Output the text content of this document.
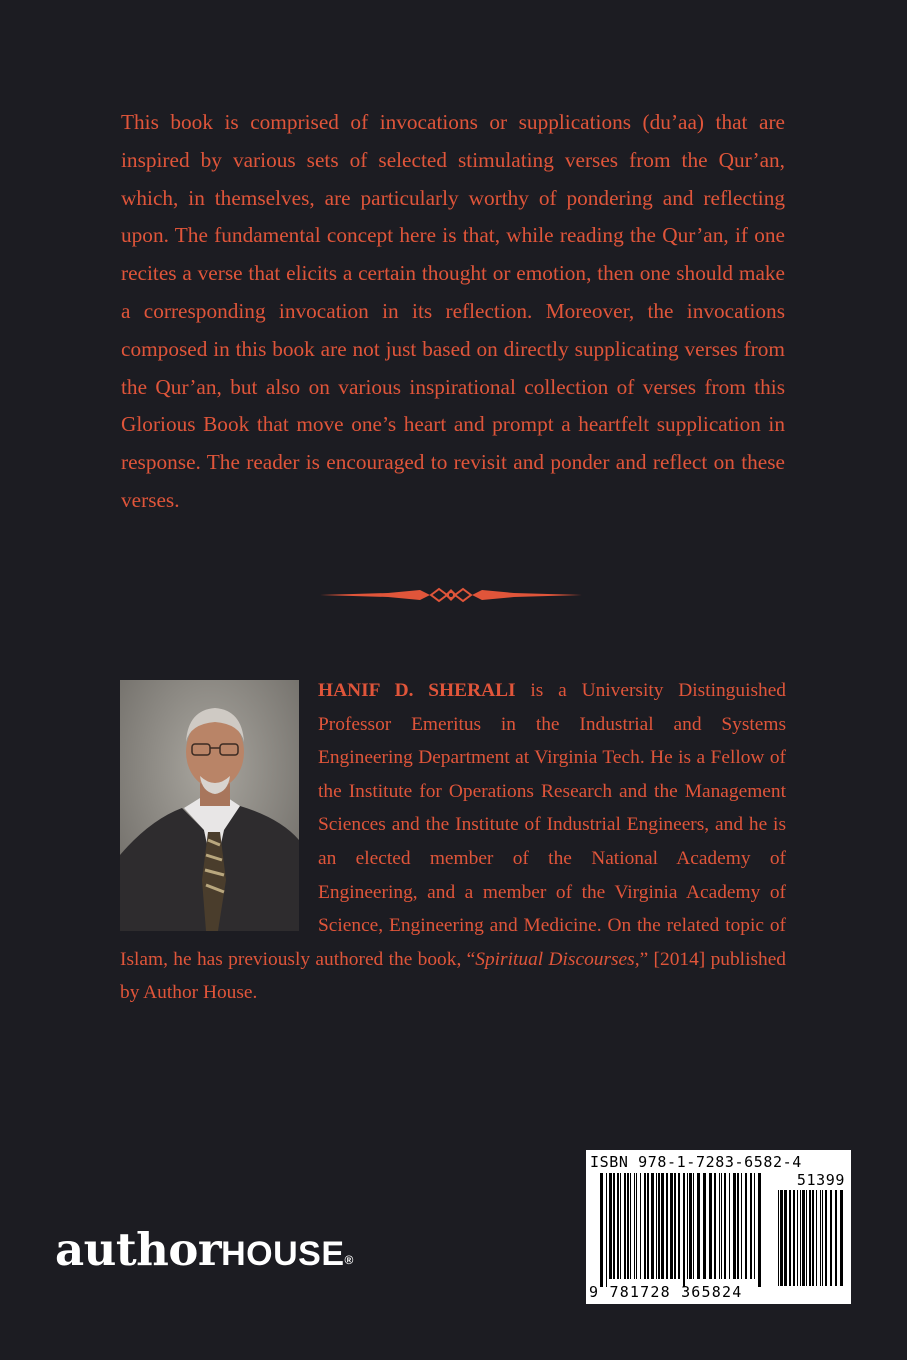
This book is comprised of invocations or supplications (du’aa) that are inspired by various sets of selected stimulating verses from the Qur’an, which, in themselves, are particularly worthy of pondering and reflecting upon. The fundamental concept here is that, while reading the Qur’an, if one recites a verse that elicits a certain thought or emotion, then one should make a corresponding invocation in its reflection. Moreover, the invocations composed in this book are not just based on directly supplicating verses from the Qur’an, but also on various inspirational collection of verses from this Glorious Book that move one’s heart and prompt a heartfelt supplication in response. The reader is encouraged to revisit and ponder and reflect on these verses.

HANIF D. SHERALI is a University Distinguished Professor Emeritus in the Industrial and Systems Engineering Department at Virginia Tech. He is a Fellow of the Institute for Operations Research and the Management Sciences and the Institute of Industrial Engineers, and he is an elected member of the National Academy of Engineering, and a member of the Virginia Academy of Science, Engineering and Medicine. On the related topic of Islam, he has previously authored the book, “Spiritual Discourses,” [2014] published by Author House.

authorHOUSE®
ISBN 978-1-7283-6582-4
51399
9 781728 365824
